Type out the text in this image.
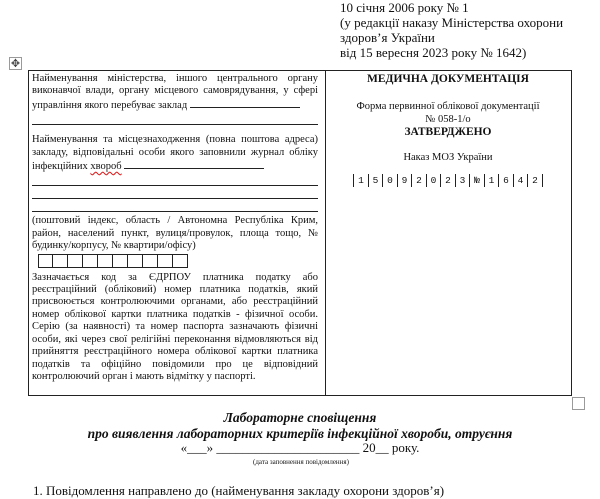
10 січня 2006 року № 1
(у редакції наказу Міністерства охорони
здоров’я України
від 15 вересня 2023 року № 1642)
✥
Найменування міністерства, іншого центрального органу виконавчої влади, органу місцевого самоврядування, у сфері управління якого перебуває заклад
Найменування та місцезнаходження (повна поштова адреса) закладу, відповідальні особи якого заповнили журнал обліку інфекційних хвороб
(поштовий індекс, область / Автономна Республіка Крим, район, населений пункт, вулиця/провулок, площа тощо, № будинку/корпусу, № квартири/офісу)
Зазначається код за ЄДРПОУ платника податку або реєстраційний (обліковий) номер платника податків, який присвоюється контролюючими органами, або реєстраційний номер облікової картки платника податків - фізичної особи. Серію (за наявності) та номер паспорта зазначають фізичні особи, які через свої релігійні переконання відмовляються від прийняття реєстраційного номера облікової картки платника податків та офіційно повідомили про це відповідний контролюючий орган і мають відмітку у паспорті.
МЕДИЧНА ДОКУМЕНТАЦІЯ
Форма первинної облікової документації
№ 058-1/о
ЗАТВЕРДЖЕНО
Наказ МОЗ України
1 5 0 9 2 0 2 3 № 1 6 4 2
Лабораторне сповіщення
про виявлення лабораторних критеріїв інфекційної хвороби, отруєння
«___» ______________________ 20__ року.
(дата заповнення повідомлення)
1. Повідомлення направлено до (найменування закладу охорони здоров’я)
